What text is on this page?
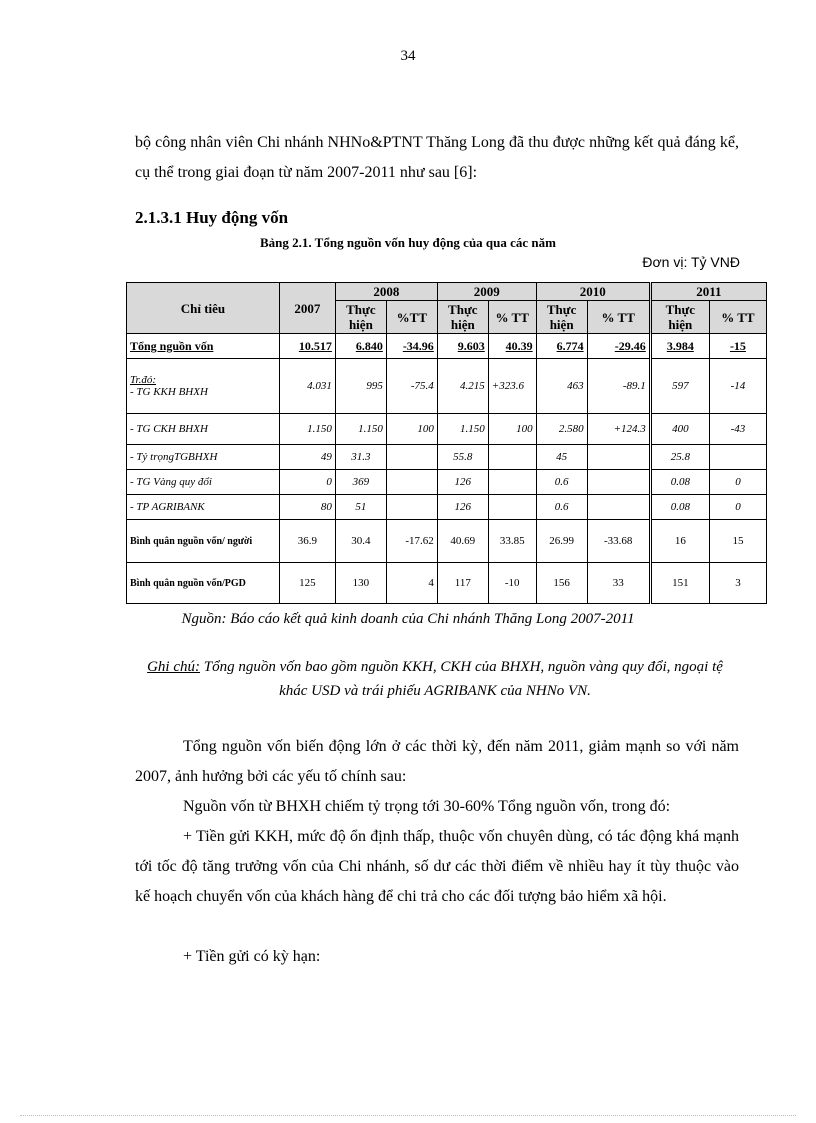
34

bộ công nhân viên Chi nhánh NHNo&PTNT Thăng Long đã thu được những kết quả đáng kể, cụ thể trong giai đoạn từ năm 2007-2011 như sau [6]:

2.1.3.1 Huy động vốn
Bảng 2.1. Tổng nguồn vốn huy động của qua các năm
Đơn vị: Tỷ VNĐ
Chỉ tiêu	2007	2008		2009		2010		2011	
		Thực hiện	%TT	Thực hiện	% TT	Thực hiện	% TT	Thực hiện	% TT
Tổng nguồn vốn	10.517	6.840	-34.96	9.603	40.39	6.774	-29.46	3.984	-15
Tr.đó:
- TG KKH BHXH	4.031	995	-75.4	4.215	+323.6	463	-89.1	597	-14
- TG CKH BHXH	1.150	1.150	100	1.150	100	2.580	+124.3	400	-43
- Tỷ trọngTGBHXH	49	31.3		55.8		45		25.8	
- TG Vàng quy đổi	0	369		126		0.6		0.08	0
- TP AGRIBANK	80	51		126		0.6		0.08	0
Bình quân nguồn vốn/ người	36.9	30.4	-17.62	40.69	33.85	26.99	-33.68	16	15
Bình quân nguồn vốn/PGD	125	130	4	117	-10	156	33	151	3
Nguồn: Báo cáo kết quả kinh doanh của Chi nhánh Thăng Long 2007-2011

Ghi chú: Tổng nguồn vốn bao gồm nguồn KKH, CKH của BHXH, nguồn vàng quy đổi, ngoại tệ khác USD và trái phiếu AGRIBANK của NHNo VN.

Tổng nguồn vốn biến động lớn ở các thời kỳ, đến năm 2011, giảm mạnh so với năm 2007, ảnh hưởng bởi các yếu tố chính sau:

Nguồn vốn từ BHXH chiếm tỷ trọng tới 30-60% Tổng nguồn vốn, trong đó:

+ Tiền gửi KKH, mức độ ổn định thấp, thuộc vốn chuyên dùng, có tác động khá mạnh tới tốc độ tăng trưởng vốn của Chi nhánh, số dư các thời điểm về nhiều hay ít tùy thuộc vào kế hoạch chuyển vốn của khách hàng để chi trả cho các đối tượng bảo hiểm xã hội.

+ Tiền gửi có kỳ hạn:
